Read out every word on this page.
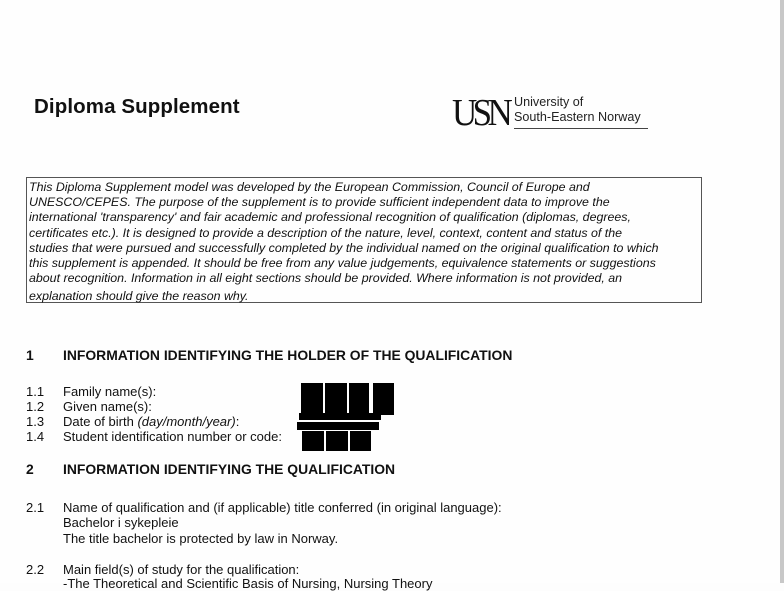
Diploma Supplement	USN University of
South-Eastern Norway
This Diploma Supplement model was developed by the European Commission, Council of Europe and
UNESCO/CEPES. The purpose of the supplement is to provide sufficient independent data to improve the
international 'transparency' and fair academic and professional recognition of qualification (diplomas, degrees,
certificates etc.). It is designed to provide a description of the nature, level, context, content and status of the
studies that were pursued and successfully completed by the individual named on the original qualification to which
this supplement is appended. It should be free from any value judgements, equivalence statements or suggestions
about recognition. Information in all eight sections should be provided. Where information is not provided, an
explanation should give the reason why.
1 INFORMATION IDENTIFYING THE HOLDER OF THE QUALIFICATION
1.1 Family name(s):
1.2 Given name(s):
1.3 Date of birth (day/month/year):
1.4 Student identification number or code:
2 INFORMATION IDENTIFYING THE QUALIFICATION
2.1 Name of qualification and (if applicable) title conferred (in original language):
Bachelor i sykepleie
The title bachelor is protected by law in Norway.
2.2 Main field(s) of study for the qualification:
-The Theoretical and Scientific Basis of Nursing, Nursing Theory
